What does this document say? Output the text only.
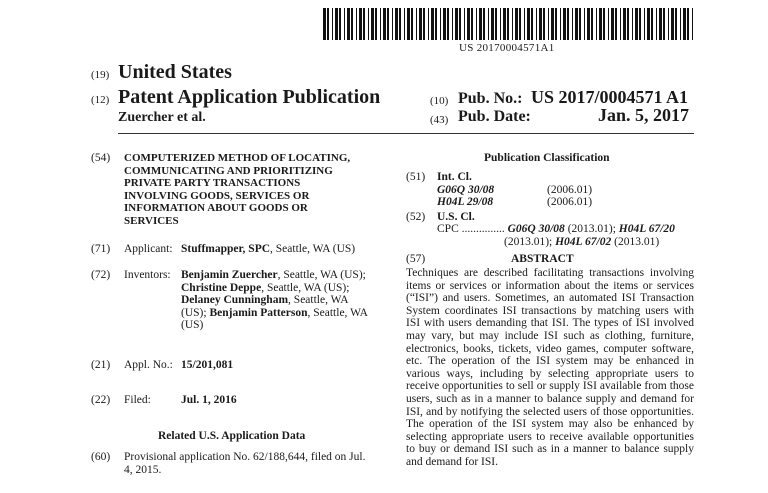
US 20170004571A1
(19) United States
(12) Patent Application Publication	(10) Pub. No.: US 2017/0004571 A1
Zuercher et al.	(43) Pub. Date:	Jan. 5, 2017
(54) COMPUTERIZED METHOD OF LOCATING,
COMMUNICATING AND PRIORITIZING
PRIVATE PARTY TRANSACTIONS
INVOLVING GOODS, SERVICES OR
INFORMATION ABOUT GOODS OR
SERVICES
(71) Applicant: Stuffmapper, SPC, Seattle, WA (US)
(72) Inventors: Benjamin Zuercher, Seattle, WA (US);
Christine Deppe, Seattle, WA (US);
Delaney Cunningham, Seattle, WA
(US); Benjamin Patterson, Seattle, WA
(US)
(21) Appl. No.: 15/201,081
(22) Filed:	Jul. 1, 2016
Related U.S. Application Data
(60) Provisional application No. 62/188,644, filed on Jul.
4, 2015.
Publication Classification
(51) Int. Cl.
G06Q 30/08	(2006.01)
H04L 29/08	(2006.01)
(52) U.S. Cl.
CPC ............... G06Q 30/08 (2013.01); H04L 67/20
(2013.01); H04L 67/02 (2013.01)
(57)	ABSTRACT
Techniques are described facilitating transactions involving items or services or information about the items or services (“ISI”) and users. Sometimes, an automated ISI Transaction System coordinates ISI transactions by matching users with ISI with users demanding that ISI. The types of ISI involved may vary, but may include ISI such as clothing, furniture, electronics, books, tickets, video games, computer software, etc. The operation of the ISI system may be enhanced in various ways, including by selecting appropriate users to receive opportunities to sell or supply ISI available from those users, such as in a manner to balance supply and demand for ISI, and by notifying the selected users of those opportunities. The operation of the ISI system may also be enhanced by selecting appropriate users to receive available opportunities to buy or demand ISI such as in a manner to balance supply and demand for ISI.
